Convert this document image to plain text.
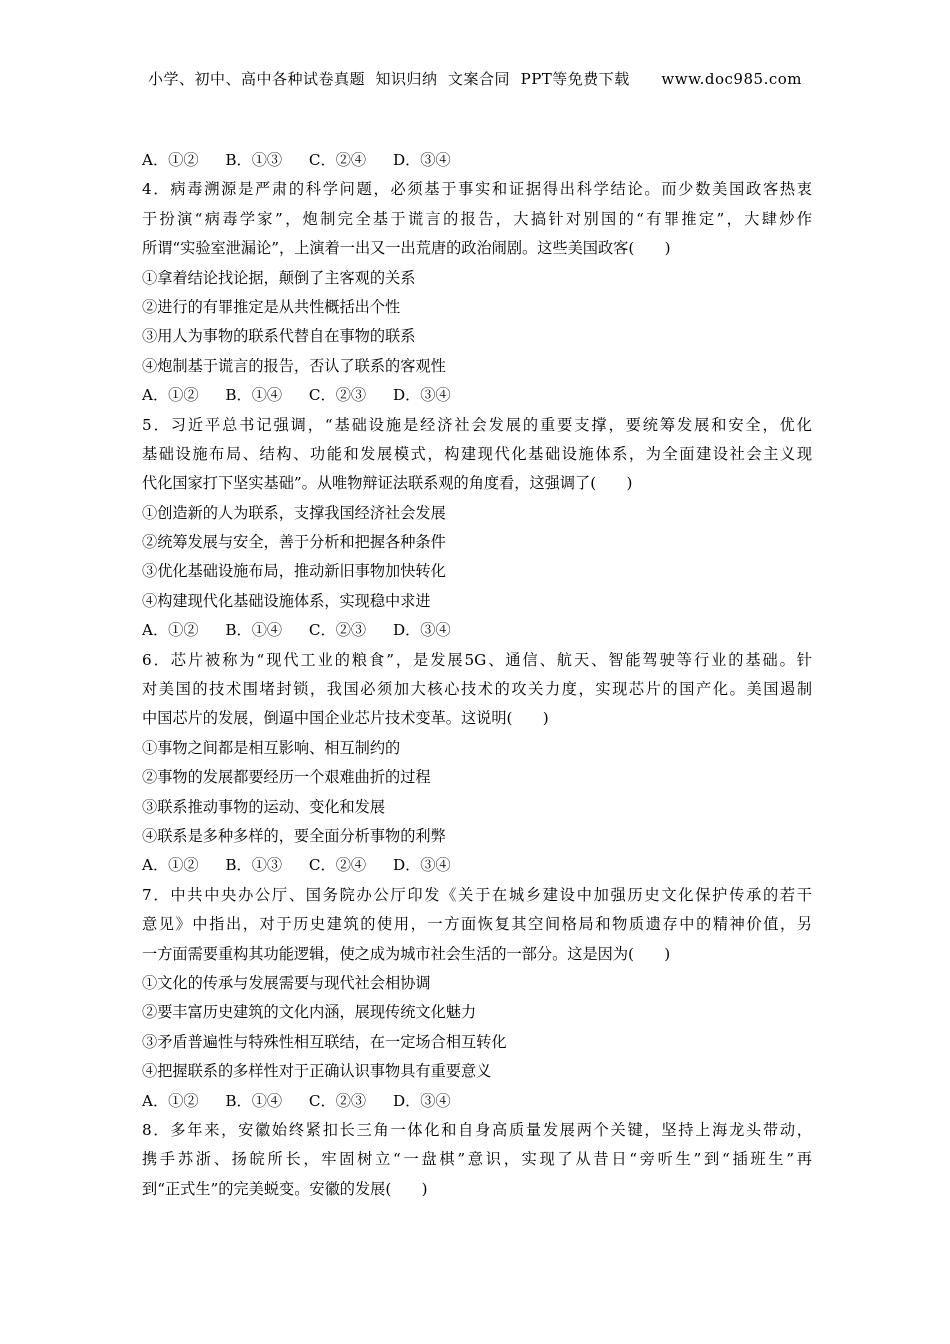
小学、初中、高中各种试卷真题  知识归纳  文案合同  PPT等免费下载      www.doc985.com
A．①② B．①③ C．②④ D．③④
4．病毒溯源是严肃的科学问题，必须基于事实和证据得出科学结论。而少数美国政客热衷
于扮演“病毒学家”，炮制完全基于谎言的报告，大搞针对别国的“有罪推定”，大肆炒作
所谓“实验室泄漏论”，上演着一出又一出荒唐的政治闹剧。这些美国政客(　　)
①拿着结论找论据，颠倒了主客观的关系
②进行的有罪推定是从共性概括出个性
③用人为事物的联系代替自在事物的联系
④炮制基于谎言的报告，否认了联系的客观性
A．①② B．①④ C．②③ D．③④
5．习近平总书记强调，“基础设施是经济社会发展的重要支撑，要统筹发展和安全，优化
基础设施布局、结构、功能和发展模式，构建现代化基础设施体系，为全面建设社会主义现
代化国家打下坚实基础”。从唯物辩证法联系观的角度看，这强调了(　　)
①创造新的人为联系，支撑我国经济社会发展
②统筹发展与安全，善于分析和把握各种条件
③优化基础设施布局，推动新旧事物加快转化
④构建现代化基础设施体系，实现稳中求进
A．①② B．①④ C．②③ D．③④
6．芯片被称为“现代工业的粮食”，是发展5G、通信、航天、智能驾驶等行业的基础。针
对美国的技术围堵封锁，我国必须加大核心技术的攻关力度，实现芯片的国产化。美国遏制
中国芯片的发展，倒逼中国企业芯片技术变革。这说明(　　)
①事物之间都是相互影响、相互制约的
②事物的发展都要经历一个艰难曲折的过程
③联系推动事物的运动、变化和发展
④联系是多种多样的，要全面分析事物的利弊
A．①② B．①③ C．②④ D．③④
7．中共中央办公厅、国务院办公厅印发《关于在城乡建设中加强历史文化保护传承的若干
意见》中指出，对于历史建筑的使用，一方面恢复其空间格局和物质遗存中的精神价值，另
一方面需要重构其功能逻辑，使之成为城市社会生活的一部分。这是因为(　　)
①文化的传承与发展需要与现代社会相协调
②要丰富历史建筑的文化内涵，展现传统文化魅力
③矛盾普遍性与特殊性相互联结，在一定场合相互转化
④把握联系的多样性对于正确认识事物具有重要意义
A．①② B．①④ C．②③ D．③④
8．多年来，安徽始终紧扣长三角一体化和自身高质量发展两个关键，坚持上海龙头带动，
携手苏浙、扬皖所长，牢固树立“一盘棋”意识，实现了从昔日“旁听生”到“插班生”再
到“正式生”的完美蜕变。安徽的发展(　　)
